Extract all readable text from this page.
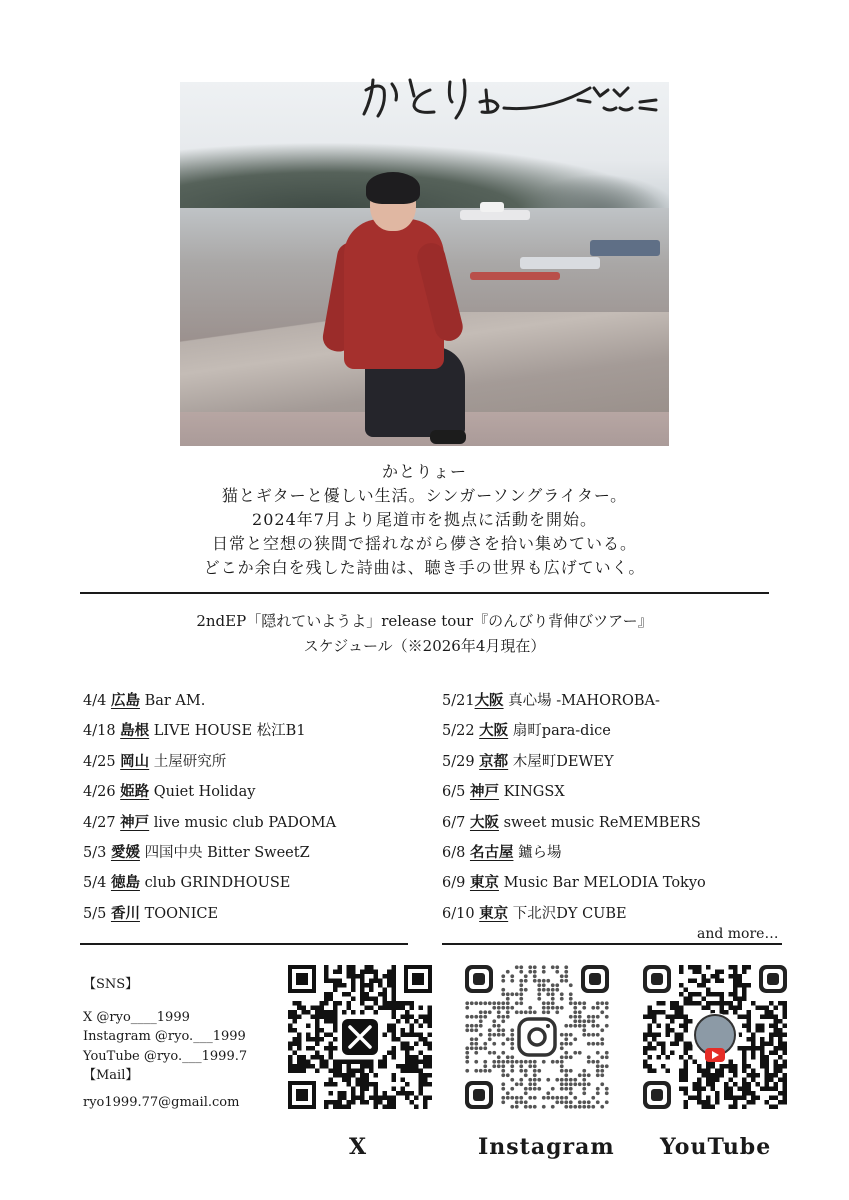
かとりょー
猫とギターと優しい生活。シンガーソングライター。
2024年7月より尾道市を拠点に活動を開始。
日常と空想の狭間で揺れながら儚さを拾い集めている。
どこか余白を残した詩曲は、聴き手の世界も広げていく。
2ndEP「隠れていようよ」release tour『のんびり背伸びツアー』
スケジュール（※2026年4月現在）
4/4 広島 Bar AM.
4/18 島根 LIVE HOUSE 松江B1
4/25 岡山 土屋研究所
4/26 姫路 Quiet Holiday
4/27 神戸 live music club PADOMA
5/3 愛媛 四国中央 Bitter SweetZ
5/4 徳島 club GRINDHOUSE
5/5 香川 TOONICE
5/21大阪 真心場 -MAHOROBA-
5/22 大阪 扇町para-dice
5/29 京都 木屋町DEWEY
6/5 神戸 KINGSX
6/7 大阪 sweet music ReMEMBERS
6/8 名古屋 鑪ら場
6/9 東京 Music Bar MELODIA Tokyo
6/10 東京 下北沢DY CUBE
and more…
【SNS】
X @ryo____1999
Instagram @ryo.___1999
YouTube @ryo.___1999.7
【Mail】
ryo1999.77@gmail.com
X	Instagram YouTube
